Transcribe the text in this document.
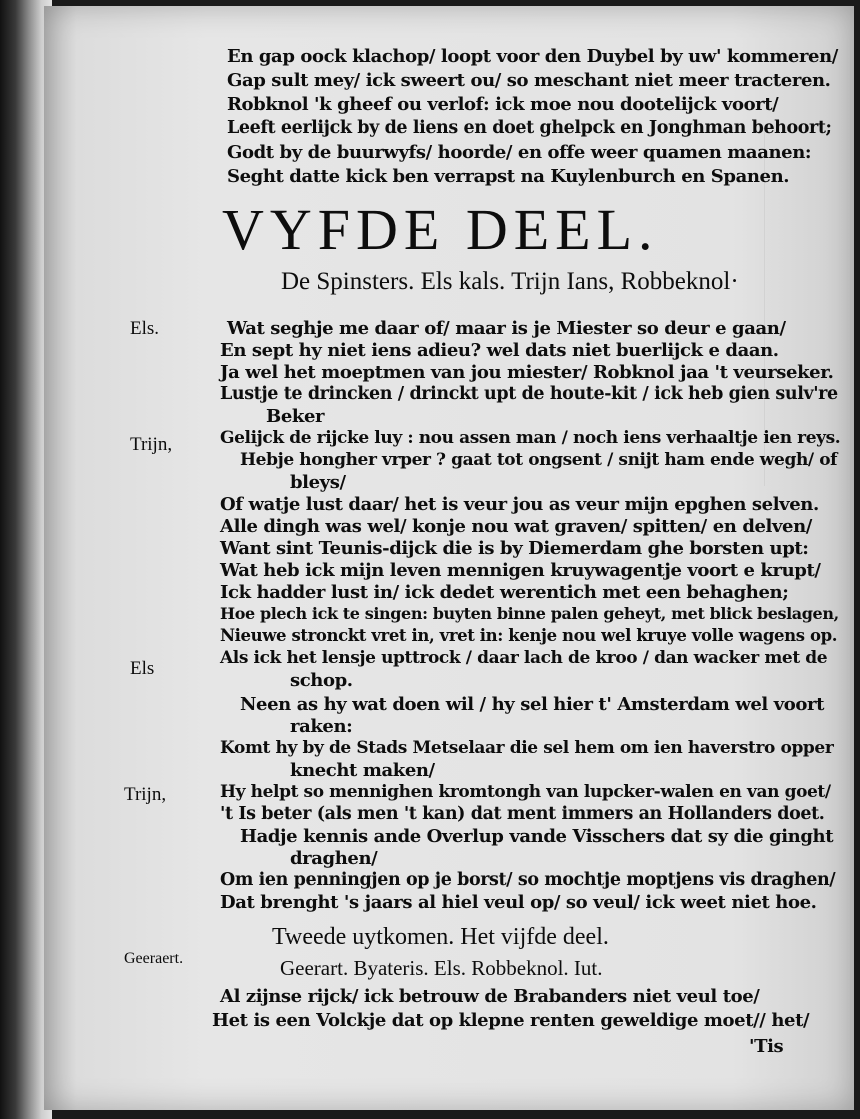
En gap oock klachop/ loopt voor den Duybel by uw' kommeren/
Gap sult mey/ ick sweert ou/ so meschant niet meer tracteren.
Robknol 'k gheef ou verlof: ick moe nou dootelijck voort/
Leeft eerlijck by de liens en doet ghelpck en Jonghman behoort;
Godt by de buurwyfs/ hoorde/ en offe weer quamen maanen:
Seght datte kick ben verrapst na Kuylenburch en Spanen.
VYFDE DEEL.
De Spinsters. Els kals. Trijn Ians, Robbeknol·
Els.
Trijn,
Els
Trijn,
Geeraert.
Wat seghje me daar of/ maar is je Miester so deur e gaan/
En sept hy niet iens adieu? wel dats niet buerlijck e daan.
Ja wel het moeptmen van jou miester/ Robknol jaa 't veurseker.
Lustje te drincken / drinckt upt de houte-kit / ick heb gien sulv're
Beker
Gelijck de rijcke luy : nou assen man / noch iens verhaaltje ien reys.
Hebje hongher vrper ? gaat tot ongsent / snijt ham ende wegh/ of
bleys/
Of watje lust daar/ het is veur jou as veur mijn epghen selven.
Alle dingh was wel/ konje nou wat graven/ spitten/ en delven/
Want sint Teunis-dijck die is by Diemerdam ghe borsten upt:
Wat heb ick mijn leven mennigen kruywagentje voort e krupt/
Ick hadder lust in/ ick dedet werentich met een behaghen;
Hoe plech ick te singen: buyten binne palen geheyt, met blick beslagen,
Nieuwe stronckt vret in, vret in: kenje nou wel kruye volle wagens op.
Als ick het lensje upttrock / daar lach de kroo / dan wacker met de
schop.
Neen as hy wat doen wil / hy sel hier t' Amsterdam wel voort
raken:
Komt hy by de Stads Metselaar die sel hem om ien haverstro opper
knecht maken/
Hy helpt so mennighen kromtongh van lupcker-walen en van goet/
't Is beter (als men 't kan) dat ment immers an Hollanders doet.
Hadje kennis ande Overlup vande Visschers dat sy die ginght
draghen/
Om ien penningjen op je borst/ so mochtje moptjens vis draghen/
Dat brenght 's jaars al hiel veul op/ so veul/ ick weet niet hoe.
Tweede uytkomen. Het vijfde deel.
Geerart. Byateris. Els. Robbeknol. Iut.
Al zijnse rijck/ ick betrouw de Brabanders niet veul toe/
Het is een Volckje dat op klepne renten geweldige moet// het/
'Tis
